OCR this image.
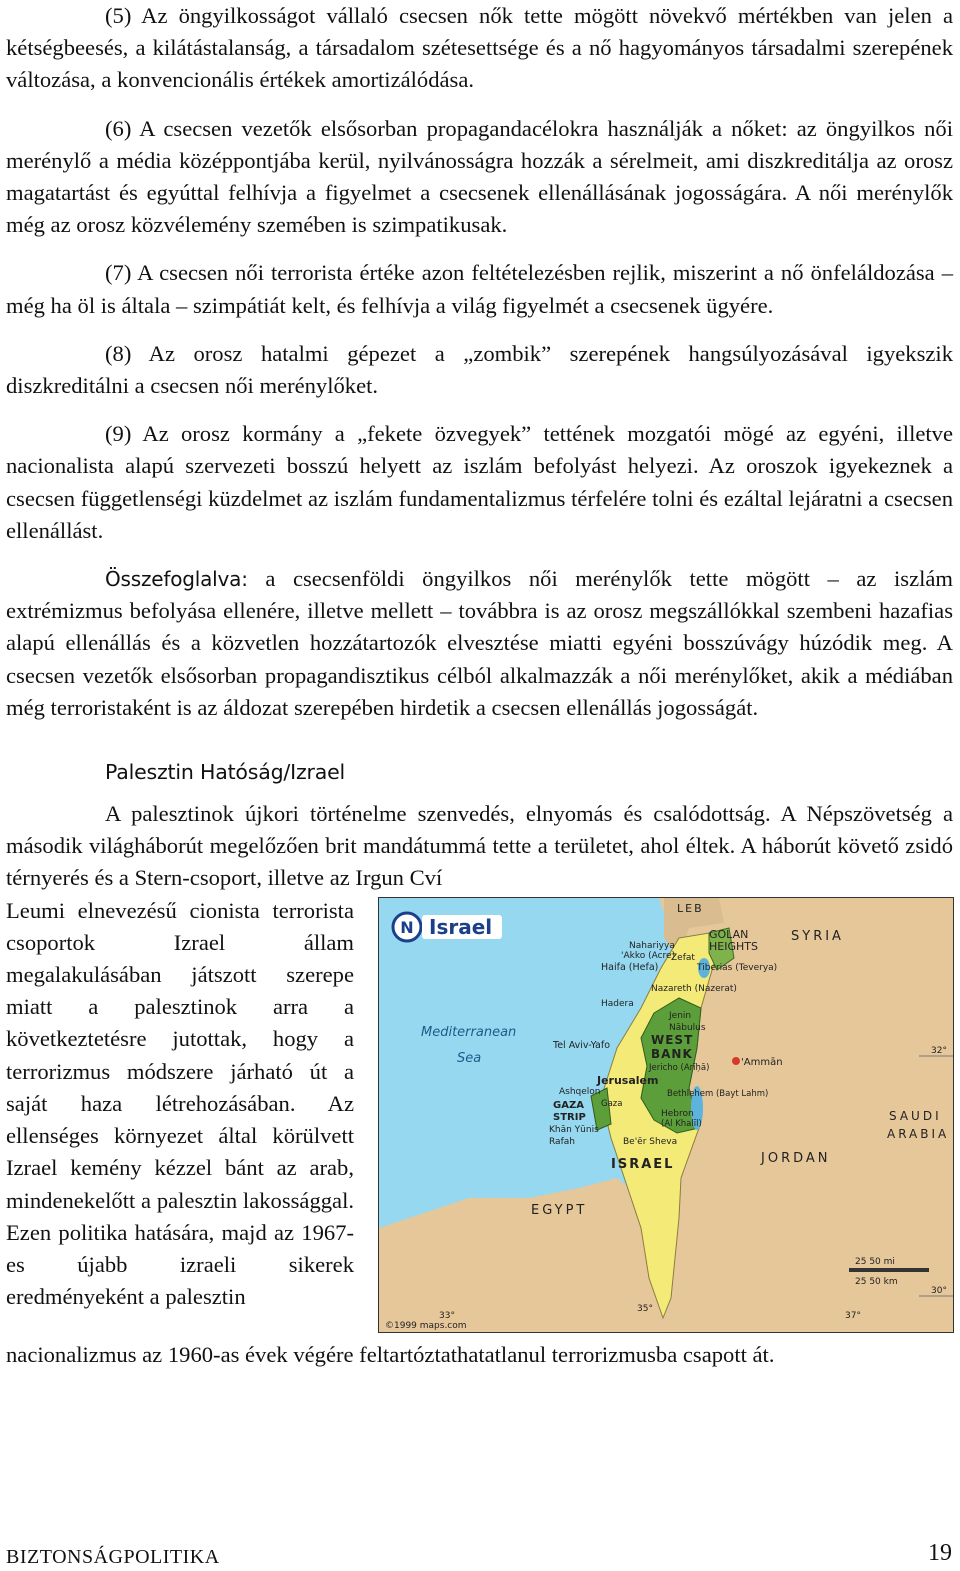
(5) Az öngyilkosságot vállaló csecsen nők tette mögött növekvő mértékben van jelen a kétségbeesés, a kilátástalanság, a társadalom szétesettsége és a nő hagyományos társadalmi szerepének változása, a konvencionális értékek amortizálódása.

(6) A csecsen vezetők elsősorban propagandacélokra használják a nőket: az öngyilkos női merénylő a média középpontjába kerül, nyilvánosságra hozzák a sérelmeit, ami diszkreditálja az orosz magatartást és egyúttal felhívja a figyelmet a csecsenek ellenállásának jogosságára. A női merénylők még az orosz közvélemény szemében is szimpatikusak.

(7) A csecsen női terrorista értéke azon feltételezésben rejlik, miszerint a nő önfeláldozása – még ha öl is általa – szimpátiát kelt, és felhívja a világ figyelmét a csecsenek ügyére.

(8) Az orosz hatalmi gépezet a „zombik” szerepének hangsúlyozásával igyekszik diszkreditálni a csecsen női merénylőket.

(9) Az orosz kormány a „fekete özvegyek” tettének mozgatói mögé az egyéni, illetve nacionalista alapú szervezeti bosszú helyett az iszlám befolyást helyezi. Az oroszok igyekeznek a csecsen függetlenségi küzdelmet az iszlám fundamentalizmus térfelére tolni és ezáltal lejáratni a csecsen ellenállást.

Összefoglalva: a csecsenföldi öngyilkos női merénylők tette mögött – az iszlám extrémizmus befolyása ellenére, illetve mellett – továbbra is az orosz megszállókkal szembeni hazafias alapú ellenállás és a közvetlen hozzátartozók elvesztése miatti egyéni bosszúvágy húzódik meg. A csecsen vezetők elsősorban propagandisztikus célból alkalmazzák a női merénylőket, akik a médiában még terroristaként is az áldozat szerepében hirdetik a csecsen ellenállás jogosságát.

Palesztin Hatóság/Izrael

A palesztinok újkori történelme szenvedés, elnyomás és csalódottság. A Népszövetség a második világháborút megelőzően brit mandátummá tette a területet, ahol éltek. A háborút követő zsidó térnyerés és a Stern-csoport, illetve az Irgun Cví

N Israel
LEB
SYRIA
GOLAN
HEIGHTS
Nahariyya
'Akko (Acre)
Haifa (Hefa)
Zefat
Tiberias (Teverya)
Nazareth (Nazerat)
Hadera
Jenin
Nābulus
Tel Aviv-Yafo	WEST
BANK
Jericho (Arīḥā)	'Ammān
Mediterranean
Sea
Jerusalem
Ashqelon	Bethlehem (Bayt Lahm)
GAZA
STRIP
Gaza
Khān Yūnis
Rafah
Hebron
(Al Khalīl)
Be'ēr Sheva
SAUDI
ARABIA
ISRAEL	JORDAN
EGYPT
32°
30°
33°
35°
37°
25 50 mi
25 50 km
©1999 maps.com
Leumi elnevezésű cionista terrorista csoportok Izrael állam megalakulásában játszott szerepe miatt a palesztinok arra a következtetésre jutottak, hogy a terrorizmus módszere járható út a saját haza létrehozásában. Az ellenséges környezet által körülvett Izrael kemény kézzel bánt az arab, mindenekelőtt a palesztin lakossággal. Ezen politika hatására, majd az 1967-es újabb izraeli sikerek eredményeként a palesztin
nacionalizmus az 1960-as évek végére feltartóztathatatlanul terrorizmusba csapott át.
BIZTONSÁGPOLITIKA	19
